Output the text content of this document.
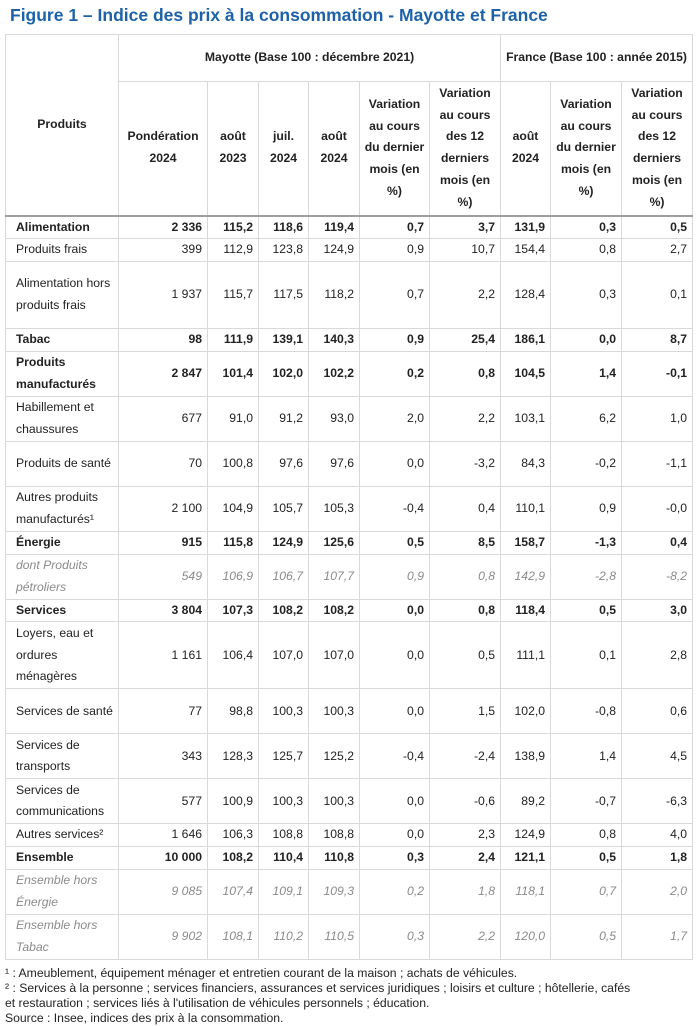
Figure 1 – Indice des prix à la consommation - Mayotte et France
Produits	Mayotte (Base 100 : décembre 2021)						France (Base 100 : année 2015)		
	Pondération 2024	août 2023	juil. 2024	août 2024	Variation au cours du dernier mois (en %)	Variation au cours des 12 derniers mois (en %)	août 2024	Variation au cours du dernier mois (en %)	Variation au cours des 12 derniers mois (en %)
Alimentation	2 336	115,2	118,6	119,4	0,7	3,7	131,9	0,3	0,5
Produits frais	399	112,9	123,8	124,9	0,9	10,7	154,4	0,8	2,7
Alimentation hors produits frais	1 937	115,7	117,5	118,2	0,7	2,2	128,4	0,3	0,1
Tabac	98	111,9	139,1	140,3	0,9	25,4	186,1	0,0	8,7
Produits manufacturés	2 847	101,4	102,0	102,2	0,2	0,8	104,5	1,4	-0,1
Habillement et chaussures	677	91,0	91,2	93,0	2,0	2,2	103,1	6,2	1,0
Produits de santé	70	100,8	97,6	97,6	0,0	-3,2	84,3	-0,2	-1,1
Autres produits manufacturés¹	2 100	104,9	105,7	105,3	-0,4	0,4	110,1	0,9	-0,0
Énergie	915	115,8	124,9	125,6	0,5	8,5	158,7	-1,3	0,4
dont Produits pétroliers	549	106,9	106,7	107,7	0,9	0,8	142,9	-2,8	-8,2
Services	3 804	107,3	108,2	108,2	0,0	0,8	118,4	0,5	3,0
Loyers, eau et ordures ménagères	1 161	106,4	107,0	107,0	0,0	0,5	111,1	0,1	2,8
Services de santé	77	98,8	100,3	100,3	0,0	1,5	102,0	-0,8	0,6
Services de transports	343	128,3	125,7	125,2	-0,4	-2,4	138,9	1,4	4,5
Services de communications	577	100,9	100,3	100,3	0,0	-0,6	89,2	-0,7	-6,3
Autres services²	1 646	106,3	108,8	108,8	0,0	2,3	124,9	0,8	4,0
Ensemble	10 000	108,2	110,4	110,8	0,3	2,4	121,1	0,5	1,8
Ensemble hors Énergie	9 085	107,4	109,1	109,3	0,2	1,8	118,1	0,7	2,0
Ensemble hors Tabac	9 902	108,1	110,2	110,5	0,3	2,2	120,0	0,5	1,7
¹ : Ameublement, équipement ménager et entretien courant de la maison ; achats de véhicules.
² : Services à la personne ; services financiers, assurances et services juridiques ; loisirs et culture ; hôtellerie, cafés
et restauration ; services liés à l'utilisation de véhicules personnels ; éducation.
Source : Insee, indices des prix à la consommation.
